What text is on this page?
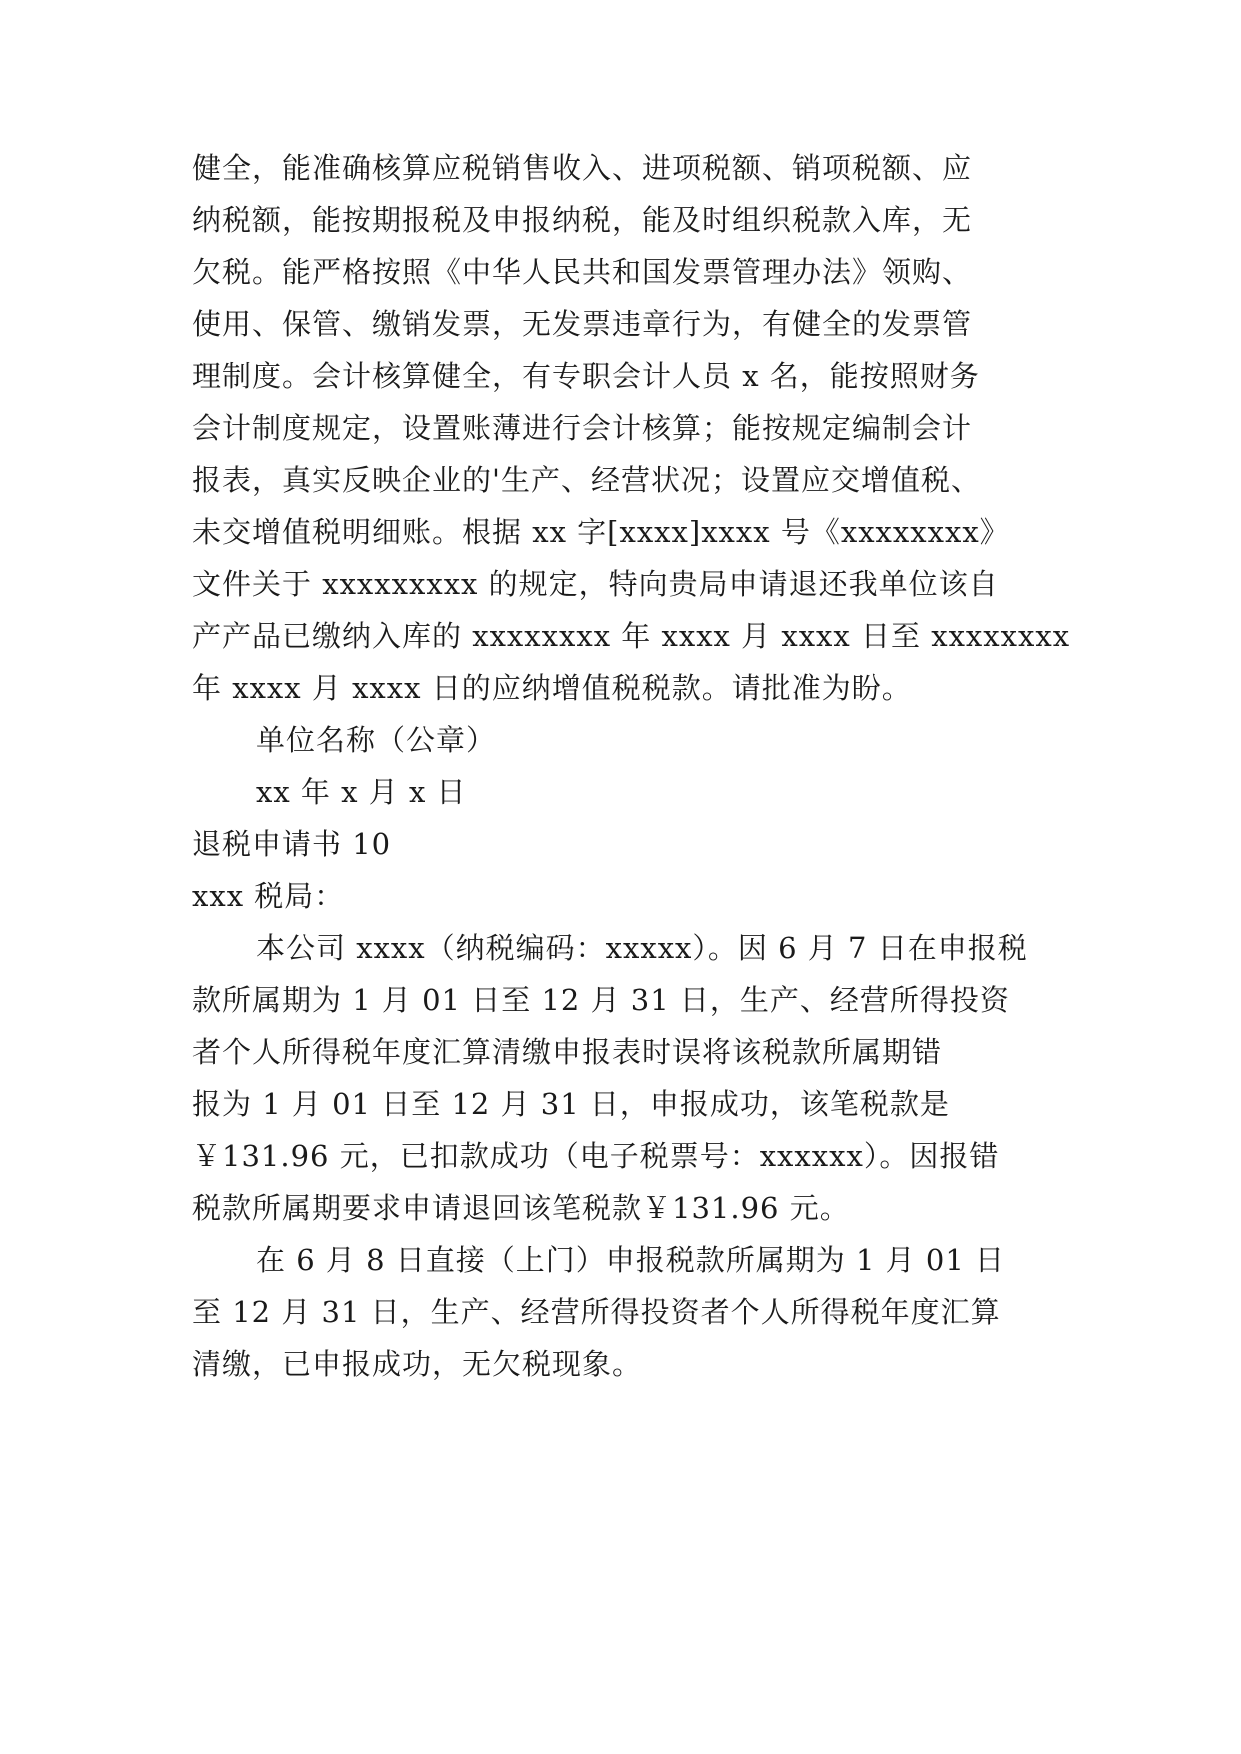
健全，能准确核算应税销售收入、进项税额、销项税额、应
纳税额，能按期报税及申报纳税，能及时组织税款入库，无
欠税。能严格按照《中华人民共和国发票管理办法》领购、
使用、保管、缴销发票，无发票违章行为，有健全的发票管
理制度。会计核算健全，有专职会计人员 x 名，能按照财务
会计制度规定，设置账薄进行会计核算；能按规定编制会计
报表，真实反映企业的'生产、经营状况；设置应交增值税、
未交增值税明细账。根据 xx 字[xxxx]xxxx 号《xxxxxxxx》
文件关于 xxxxxxxxx 的规定，特向贵局申请退还我单位该自
产产品已缴纳入库的 xxxxxxxx 年 xxxx 月 xxxx 日至 xxxxxxxx
年 xxxx 月 xxxx 日的应纳增值税税款。请批准为盼。
单位名称（公章）
xx 年 x 月 x 日
退税申请书 10
xxx 税局：
本公司 xxxx（纳税编码：xxxxx）。因 6 月 7 日在申报税
款所属期为 1 月 01 日至 12 月 31 日，生产、经营所得投资
者个人所得税年度汇算清缴申报表时误将该税款所属期错
报为 1 月 01 日至 12 月 31 日，申报成功，该笔税款是
￥131.96 元，已扣款成功（电子税票号：xxxxxx）。因报错
税款所属期要求申请退回该笔税款￥131.96 元。
在 6 月 8 日直接（上门）申报税款所属期为 1 月 01 日
至 12 月 31 日，生产、经营所得投资者个人所得税年度汇算
清缴，已申报成功，无欠税现象。
